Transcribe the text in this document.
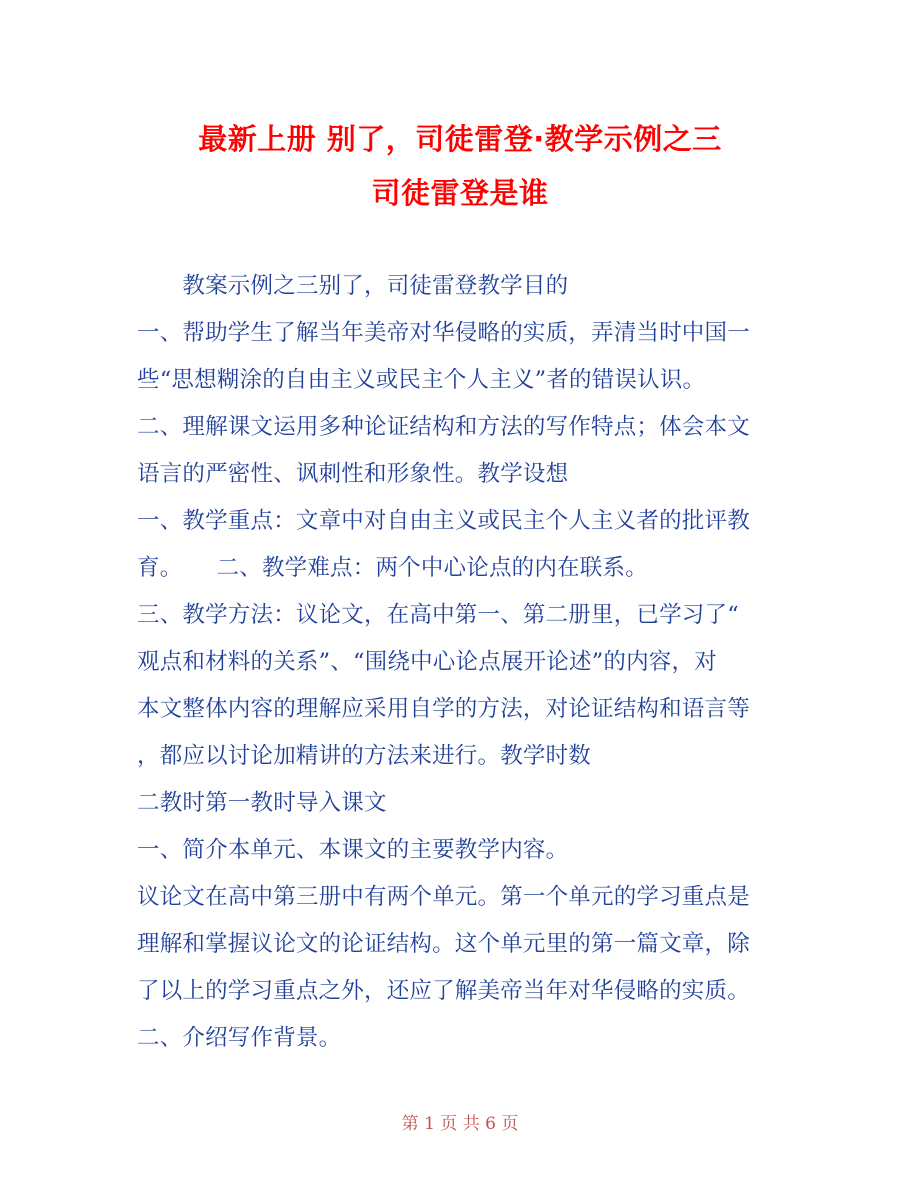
最新上册 别了，司徒雷登·教学示例之三
司徒雷登是谁
　　教案示例之三别了，司徒雷登教学目的
一、帮助学生了解当年美帝对华侵略的实质，弄清当时中国一
些“思想糊涂的自由主义或民主个人主义”者的错误认识。
二、理解课文运用多种论证结构和方法的写作特点；体会本文
语言的严密性、讽刺性和形象性。教学设想
一、教学重点：文章中对自由主义或民主个人主义者的批评教
育。　　二、教学难点：两个中心论点的内在联系。
三、教学方法：议论文，在高中第一、第二册里，已学习了“
观点和材料的关系”、“围绕中心论点展开论述”的内容，对
本文整体内容的理解应采用自学的方法，对论证结构和语言等
，都应以讨论加精讲的方法来进行。教学时数
二教时第一教时导入课文
一、简介本单元、本课文的主要教学内容。
议论文在高中第三册中有两个单元。第一个单元的学习重点是
理解和掌握议论文的论证结构。这个单元里的第一篇文章，除
了以上的学习重点之外，还应了解美帝当年对华侵略的实质。
二、介绍写作背景。
第 1 页 共 6 页
